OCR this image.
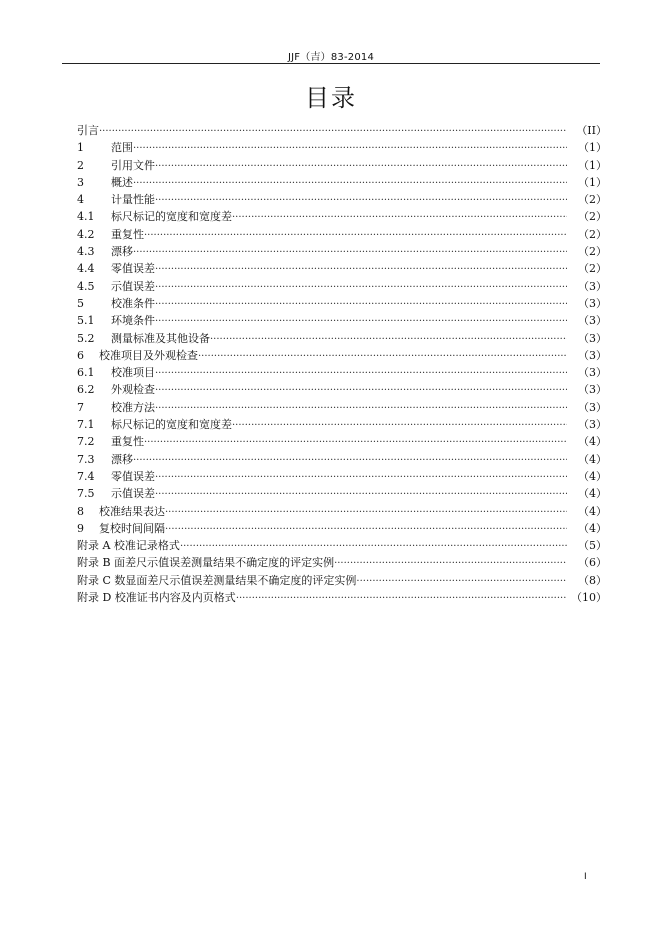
JJF（吉）83-2014
目录
引言 ·····	（II）
1	范围 ·····	（1）
2	引用文件 ·····	（1）
3	概述 ·····	（1）
4	计量性能 ·····	（2）
4.1	标尺标记的宽度和宽度差 ·····	（2）
4.2	重复性 ·····	（2）
4.3	漂移 ·····	（2）
4.4	零值误差 ·····	（2）
4.5	示值误差 ·····	（3）
5	校准条件 ·····	（3）
5.1	环境条件 ·····	（3）
5.2	测量标准及其他设备 ·····	（3）
6	校准项目及外观检查 ·····	（3）
6.1	校准项目 ·····	（3）
6.2	外观检查 ·····	（3）
7	校准方法 ·····	（3）
7.1	标尺标记的宽度和宽度差 ·····	（3）
7.2	重复性 ·····	（4）
7.3	漂移 ·····	（4）
7.4	零值误差 ·····	（4）
7.5	示值误差 ·····	（4）
8	校准结果表达 ·····	（4）
9	复校时间间隔 ·····	（4）
附录 A 校准记录格式 ·····	（5）
附录 B 面差尺示值误差测量结果不确定度的评定实例 ·····	（6）
附录 C 数显面差尺示值误差测量结果不确定度的评定实例 ·····	（8）
附录 D 校准证书内容及内页格式 ·····	（10）
I
